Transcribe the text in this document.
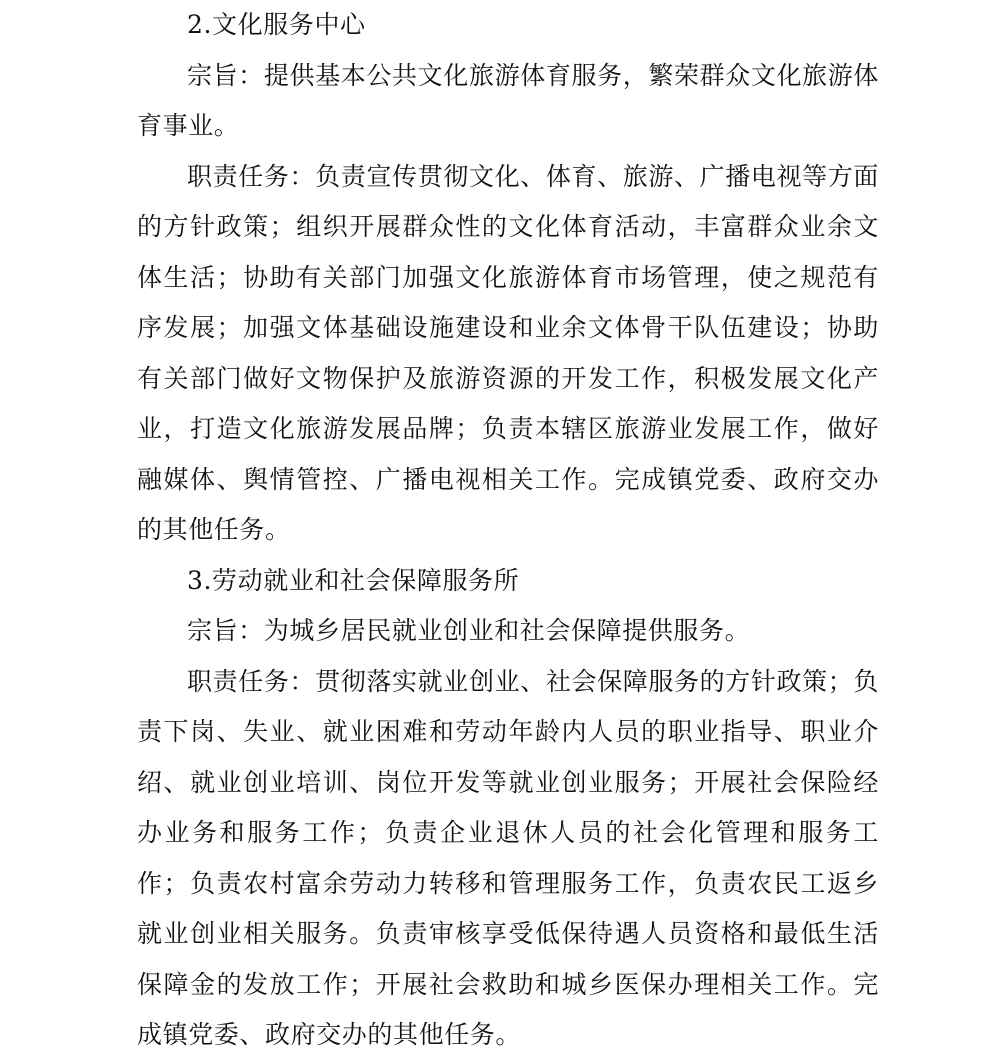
2.文化服务中心

宗旨：提供基本公共文化旅游体育服务，繁荣群众文化旅游体育事业。

职责任务：负责宣传贯彻文化、体育、旅游、广播电视等方面的方针政策；组织开展群众性的文化体育活动，丰富群众业余文体生活；协助有关部门加强文化旅游体育市场管理，使之规范有序发展；加强文体基础设施建设和业余文体骨干队伍建设；协助有关部门做好文物保护及旅游资源的开发工作，积极发展文化产业，打造文化旅游发展品牌；负责本辖区旅游业发展工作，做好融媒体、舆情管控、广播电视相关工作。完成镇党委、政府交办的其他任务。

3.劳动就业和社会保障服务所

宗旨：为城乡居民就业创业和社会保障提供服务。

职责任务：贯彻落实就业创业、社会保障服务的方针政策；负责下岗、失业、就业困难和劳动年龄内人员的职业指导、职业介绍、就业创业培训、岗位开发等就业创业服务；开展社会保险经办业务和服务工作；负责企业退休人员的社会化管理和服务工作；负责农村富余劳动力转移和管理服务工作，负责农民工返乡就业创业相关服务。负责审核享受低保待遇人员资格和最低生活保障金的发放工作；开展社会救助和城乡医保办理相关工作。完成镇党委、政府交办的其他任务。
